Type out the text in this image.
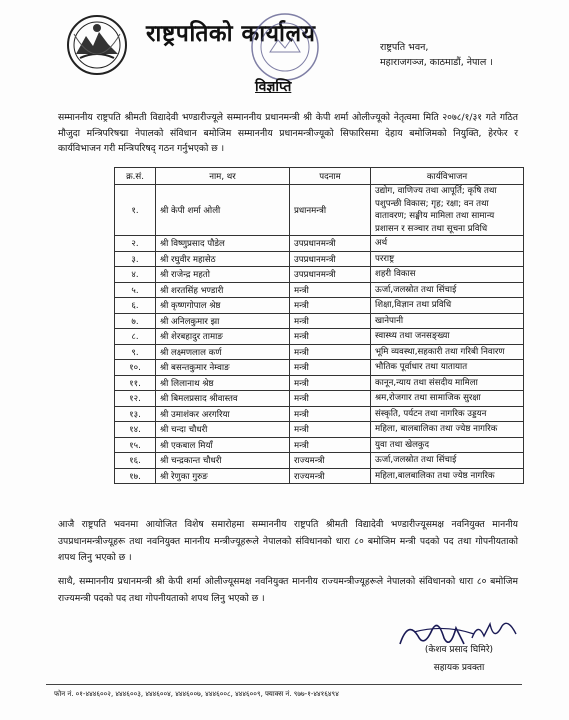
राष्ट्रपतिको कार्यालय
राष्ट्रपति भवन,
महाराजगञ्ज, काठमाडौं, नेपाल ।
विज्ञप्ति
सम्माननीय राष्ट्रपति श्रीमती विद्यादेवी भण्डारीज्यूले सम्माननीय प्रधानमन्त्री श्री केपी शर्मा ओलीज्यूको नेतृत्वमा मिति २०७८/१/३१ गते गठित मौजुदा मन्त्रिपरिषद्मा नेपालको संविधान बमोजिम सम्माननीय प्रधानमन्त्रीज्यूको सिफारिसमा देहाय बमोजिमको नियुक्ति, हेरफेर र कार्यविभाजन गरी मन्त्रिपरिषद् गठन गर्नुभएको छ ।
क्र.सं.	नाम, थर	पदनाम	कार्यविभाजन
१.	श्री केपी शर्मा ओली	प्रधानमन्त्री	उद्योग, वाणिज्य तथा आपूर्ति; कृषि तथा पशुपन्छी विकास; गृह; रक्षा; वन तथा वातावरण; सङ्घीय मामिला तथा सामान्य प्रशासन र सञ्चार तथा सूचना प्रविधि
२.	श्री विष्णुप्रसाद पौडेल	उपप्रधानमन्त्री	अर्थ
३.	श्री रघुवीर महासेठ	उपप्रधानमन्त्री	परराष्ट्र
४.	श्री राजेन्द्र महतो	उपप्रधानमन्त्री	शहरी विकास
५.	श्री शरतसिंह भण्डारी	मन्त्री	ऊर्जा,जलस्रोत तथा सिंचाई
६.	श्री कृष्णगोपाल श्रेष्ठ	मन्त्री	शिक्षा,विज्ञान तथा प्रविधि
७.	श्री अनिलकुमार झा	मन्त्री	खानेपानी
८.	श्री शेरबहादुर तामाङ	मन्त्री	स्वास्थ्य तथा जनसङ्ख्या
९.	श्री लक्ष्मणलाल कर्ण	मन्त्री	भूमि व्यवस्था,सहकारी तथा गरिबी निवारण
१०.	श्री बसन्तकुमार नेम्वाङ	मन्त्री	भौतिक पूर्वाधार तथा यातायात
११.	श्री लिलानाथ श्रेष्ठ	मन्त्री	कानून,न्याय तथा संसदीय मामिला
१२.	श्री बिमलप्रसाद श्रीवास्तव	मन्त्री	श्रम,रोजगार तथा सामाजिक सुरक्षा
१३.	श्री उमाशंकर अरगरिया	मन्त्री	संस्कृति, पर्यटन तथा नागरिक उड्डयन
१४.	श्री चन्दा चौधरी	मन्त्री	महिला, बालबालिका तथा ज्येष्ठ नागरिक
१५.	श्री एकबाल मियाँ	मन्त्री	युवा तथा खेलकुद
१६.	श्री चन्द्रकान्त चौधरी	राज्यमन्त्री	ऊर्जा,जलस्रोत तथा सिंचाई
१७.	श्री रेणुका गुरुङ	राज्यमन्त्री	महिला,बालबालिका तथा ज्येष्ठ नागरिक
आजै राष्ट्रपति भवनमा आयोजित विशेष समारोहमा सम्माननीय राष्ट्रपति श्रीमती विद्यादेवी भण्डारीज्यूसमक्ष नवनियुक्त माननीय उपप्रधानमन्त्रीज्यूहरू तथा नवनियुक्त माननीय मन्त्रीज्यूहरूले नेपालको संविधानको धारा ८० बमोजिम मन्त्री पदको पद तथा गोपनीयताको शपथ लिनु भएको छ ।
साथै, सम्माननीय प्रधानमन्त्री श्री केपी शर्मा ओलीज्यूसमक्ष नवनियुक्त माननीय राज्यमन्त्रीज्यूहरूले नेपालको संविधानको धारा ८० बमोजिम राज्यमन्त्री पदको पद तथा गोपनीयताको शपथ लिनु भएको छ ।
(केशव प्रसाद घिमिरे)
सहायक प्रवक्ता
फोन नं. ०१-४४४६००२, ४४४६००३, ४४४६००४, ४४४६००७, ४४४६००८, ४४४६००९, फ्याक्स नं. ९७७-१-४४१६४९४
